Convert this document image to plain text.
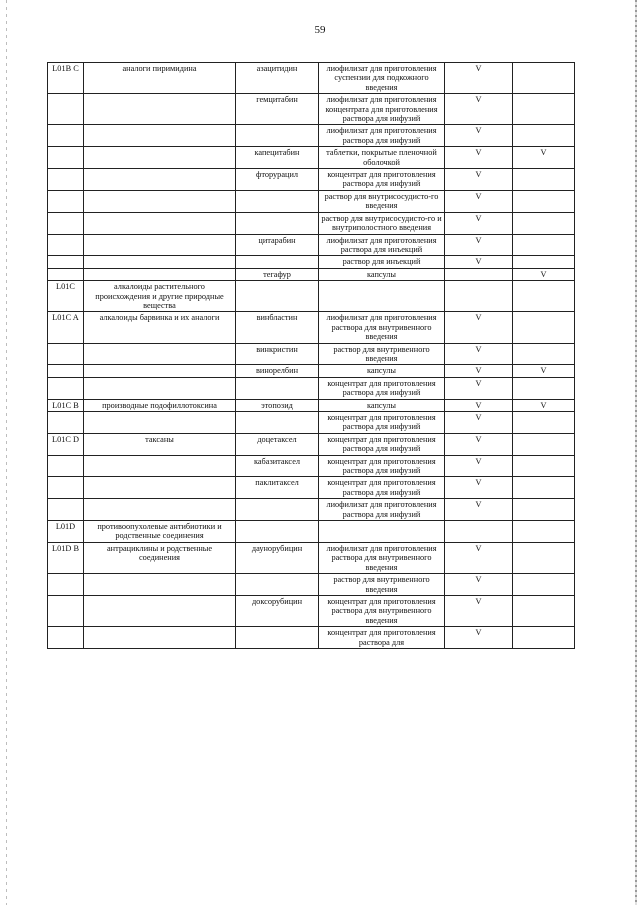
59
L01B C	аналоги пиримидина	азацитидин	лиофилизат для приготовления суспензии для подкожного введения	V	
		гемцитабин	лиофилизат для приготовления концентрата для приготовления раствора для инфузий	V	
			лиофилизат для приготовления раствора для инфузий	V	
		капецитабин	таблетки, покрытые пленочной оболочкой	V	V
		фторурацил	концентрат для приготовления раствора для инфузий	V	
			раствор для внутрисосудисто-го введения	V	
			раствор для внутрисосудисто-го и внутриполостного введения	V	
		цитарабин	лиофилизат для приготовления раствора для инъекций	V	
			раствор для инъекций	V	
		тегафур	капсулы		V
L01C	алкалоиды растительного происхождения и другие природные вещества				
L01C A	алкалоиды барвинка и их аналоги	винбластин	лиофилизат для приготовления раствора для внутривенного введения	V	
		винкристин	раствор для внутривенного введения	V	
		винорелбин	капсулы	V	V
			концентрат для приготовления раствора для инфузий	V	
L01C B	производные подофиллотоксина	этопозид	капсулы	V	V
			концентрат для приготовления раствора для инфузий	V	
L01C D	таксаны	доцетаксел	концентрат для приготовления раствора для инфузий	V	
		кабазитаксел	концентрат для приготовления раствора для инфузий	V	
		паклитаксел	концентрат для приготовления раствора для инфузий	V	
			лиофилизат для приготовления раствора для инфузий	V	
L01D	противоопухолевые антибиотики и родственные соединения				
L01D B	антрациклины и родственные соединения	даунорубицин	лиофилизат для приготовления раствора для внутривенного введения	V	
			раствор для внутривенного введения	V	
		доксорубицин	концентрат для приготовления раствора для внутривенного введения	V	
			концентрат для приготовления раствора для	V	
